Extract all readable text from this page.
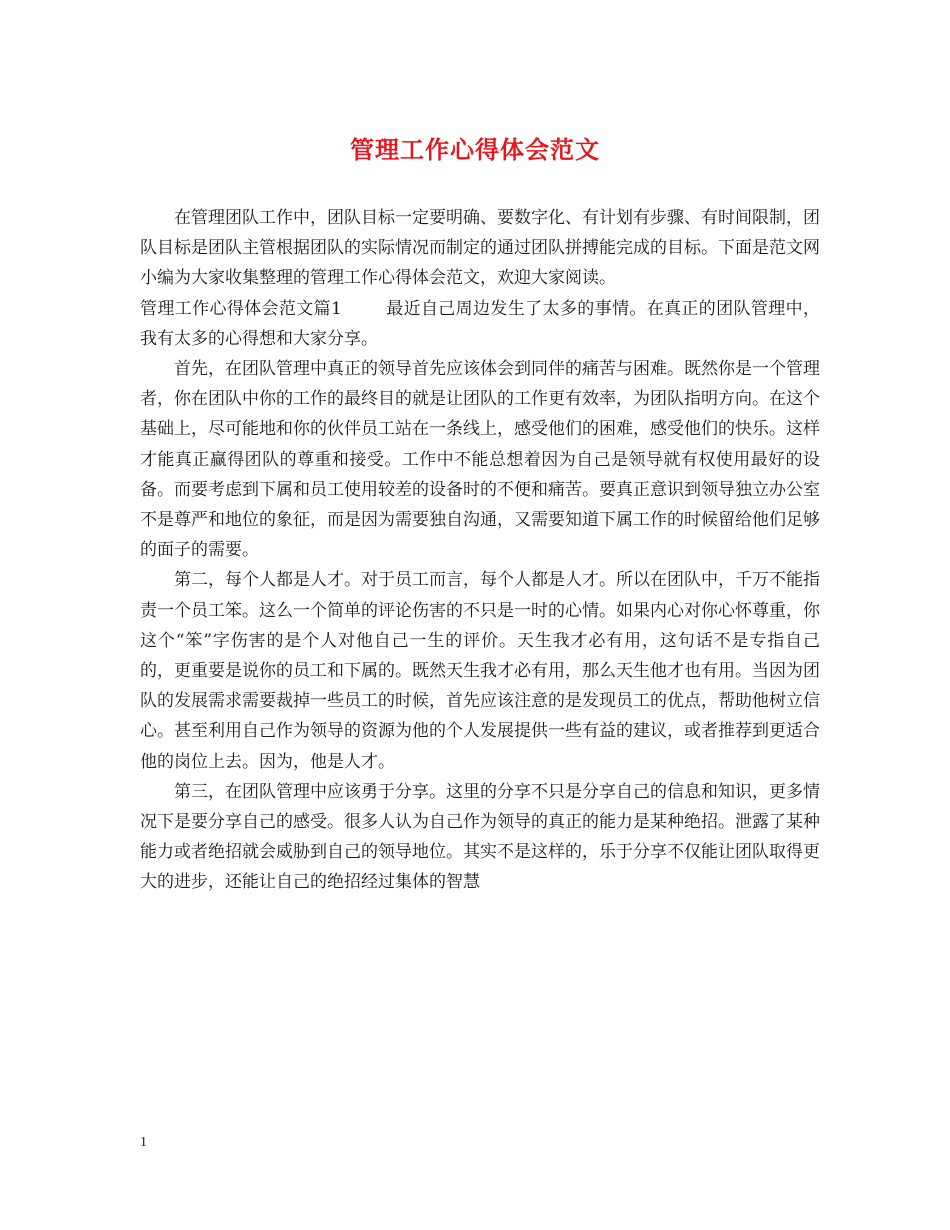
管理工作心得体会范文

在管理团队工作中，团队目标一定要明确、要数字化、有计划有步骤、有时间限制，团队目标是团队主管根据团队的实际情况而制定的通过团队拼搏能完成的目标。下面是范文网小编为大家收集整理的管理工作心得体会范文，欢迎大家阅读。

管理工作心得体会范文篇1	最近自己周边发生了太多的事情。在真正的团队管理中，我有太多的心得想和大家分享。

首先，在团队管理中真正的领导首先应该体会到同伴的痛苦与困难。既然你是一个管理者，你在团队中你的工作的最终目的就是让团队的工作更有效率，为团队指明方向。在这个基础上，尽可能地和你的伙伴员工站在一条线上，感受他们的困难，感受他们的快乐。这样才能真正赢得团队的尊重和接受。工作中不能总想着因为自己是领导就有权使用最好的设备。而要考虑到下属和员工使用较差的设备时的不便和痛苦。要真正意识到领导独立办公室不是尊严和地位的象征，而是因为需要独自沟通，又需要知道下属工作的时候留给他们足够的面子的需要。

第二，每个人都是人才。对于员工而言，每个人都是人才。所以在团队中，千万不能指责一个员工笨。这么一个简单的评论伤害的不只是一时的心情。如果内心对你心怀尊重，你这个“笨”字伤害的是个人对他自己一生的评价。天生我才必有用，这句话不是专指自己的，更重要是说你的员工和下属的。既然天生我才必有用，那么天生他才也有用。当因为团队的发展需求需要裁掉一些员工的时候，首先应该注意的是发现员工的优点，帮助他树立信心。甚至利用自己作为领导的资源为他的个人发展提供一些有益的建议，或者推荐到更适合他的岗位上去。因为，他是人才。

第三，在团队管理中应该勇于分享。这里的分享不只是分享自己的信息和知识，更多情况下是要分享自己的感受。很多人认为自己作为领导的真正的能力是某种绝招。泄露了某种能力或者绝招就会威胁到自己的领导地位。其实不是这样的，乐于分享不仅能让团队取得更大的进步，还能让自己的绝招经过集体的智慧

1
